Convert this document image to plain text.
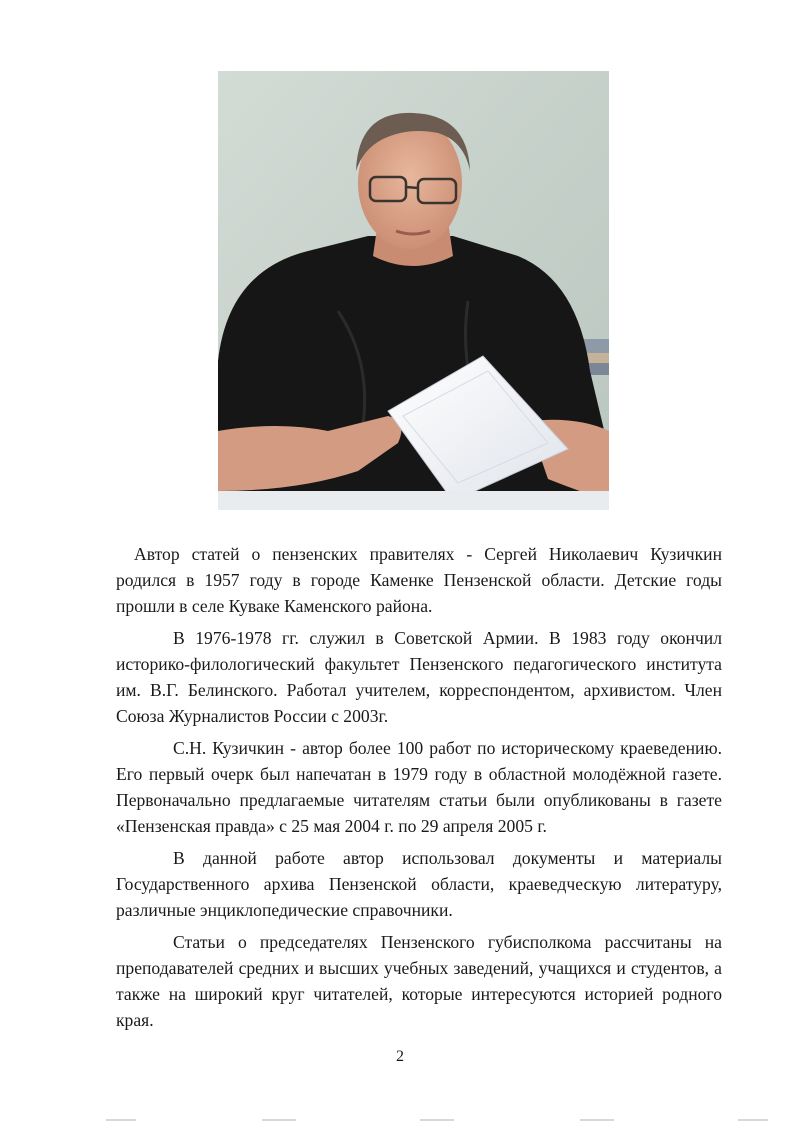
Автор статей о пензенских правителях - Сергей Николаевич Кузичкин родился в 1957 году в городе Каменке Пензенской области. Детские годы прошли в селе Куваке Каменского района.

В 1976-1978 гг. служил в Советской Армии. В 1983 году окончил историко-филологический факультет Пензенского педагогического института им. В.Г. Белинского. Работал учителем, корреспондентом, архивистом. Член Союза Журналистов России с 2003г.

С.Н. Кузичкин - автор более 100 работ по историческому краеведению. Его первый очерк был напечатан в 1979 году в областной молодёжной газете. Первоначально предлагаемые читателям статьи были опубликованы в газете «Пензенская правда» с 25 мая 2004 г. по 29 апреля 2005 г.

В данной работе автор использовал документы и материалы Государственного архива Пензенской области, краеведческую литературу, различные энциклопедические справочники.

Статьи о председателях Пензенского губисполкома рассчитаны на преподавателей средних и высших учебных заведений, учащихся и студентов, а также на широкий круг читателей, которые интересуются историей родного края.

2
